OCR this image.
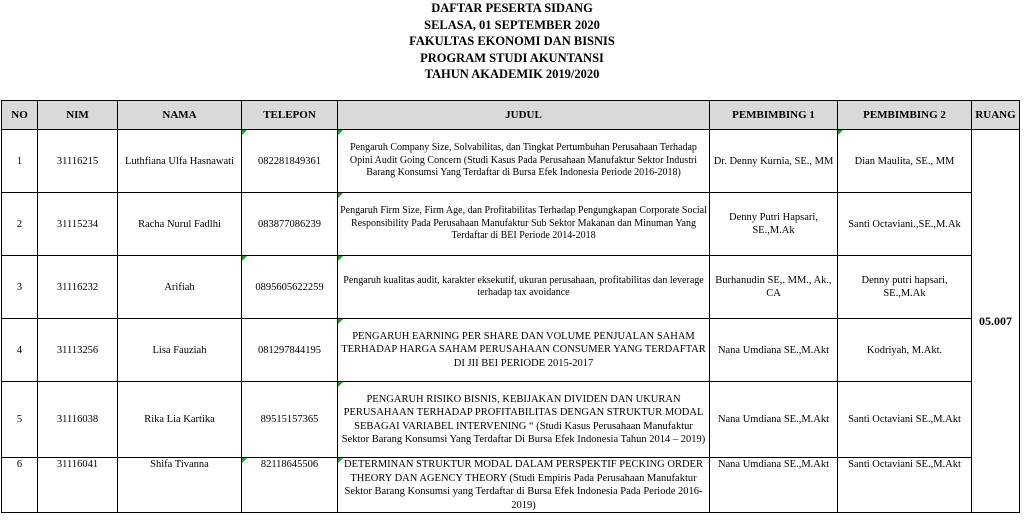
DAFTAR PESERTA SIDANG
SELASA, 01 SEPTEMBER 2020
FAKULTAS EKONOMI DAN BISNIS
PROGRAM STUDI AKUNTANSI
TAHUN AKADEMIK 2019/2020
NO	NIM	NAMA	TELEPON	JUDUL	PEMBIMBING 1	PEMBIMBING 2	RUANG
1	31116215	Luthfiana Ulfa Hasnawati	082281849361	Pengaruh Company Size, Solvabilitas, dan Tingkat Pertumbuhan Perusahaan Terhadap Opini Audit Going Concern (Studi Kasus Pada Perusahaan Manufaktur Sektor Industri Barang Konsumsi Yang Terdaftar di Bursa Efek Indonesia Periode 2016-2018)	Dr. Denny Kurnia, SE., MM	Dian Maulita, SE., MM	05.007
2	31115234	Racha Nurul Fadlhi	083877086239	Pengaruh Firm Size, Firm Age, dan Profitabilitas Terhadap Pengungkapan Corporate Social Responsibility Pada Perusahaan Manufaktur Sub Sektor Makanan dan Minuman Yang Terdaftar di BEI Periode 2014-2018	Denny Putri Hapsari, SE.,M.Ak	Santi Octaviani.,SE.,M.Ak	
3	31116232	Arifiah	0895605622259	Pengaruh kualitas audit, karakter eksekutif, ukuran perusahaan, profitabilitas dan leverage terhadap tax avoidance	Burhanudin SE,. MM., Ak., CA	Denny putri hapsari, SE.,M.Ak	
4	31113256	Lisa Fauziah	081297844195	PENGARUH EARNING PER SHARE DAN VOLUME PENJUALAN SAHAM TERHADAP HARGA SAHAM PERUSAHAAN CONSUMER YANG TERDAFTAR DI JII BEI PERIODE 2015-2017	Nana Umdiana SE.,M.Akt	Kodriyah, M.Akt.	
5	31116038	Rika Lia Kartika	89515157365	PENGARUH RISIKO BISNIS, KEBIJAKAN DIVIDEN DAN UKURAN PERUSAHAAN TERHADAP PROFITABILITAS DENGAN STRUKTUR MODAL SEBAGAI VARIABEL INTERVENING “ (Studi Kasus Perusahaan Manufaktur Sektor Barang Konsumsi Yang Terdaftar Di Bursa Efek Indonesia Tahun 2014 – 2019)	Nana Umdiana SE.,M.Akt	Santi Octaviani SE.,M.Akt	
6	31116041	Shifa Tivanna	82118645506	DETERMINAN STRUKTUR MODAL DALAM PERSPEKTIF PECKING ORDER THEORY DAN AGENCY THEORY (Studi Empiris Pada Perusahaan Manufaktur Sektor Barang Konsumsi yang Terdaftar di Bursa Efek Indonesia Pada Periode 2016-2019)	Nana Umdiana SE.,M.Akt	Santi Octaviani SE.,M.Akt	
